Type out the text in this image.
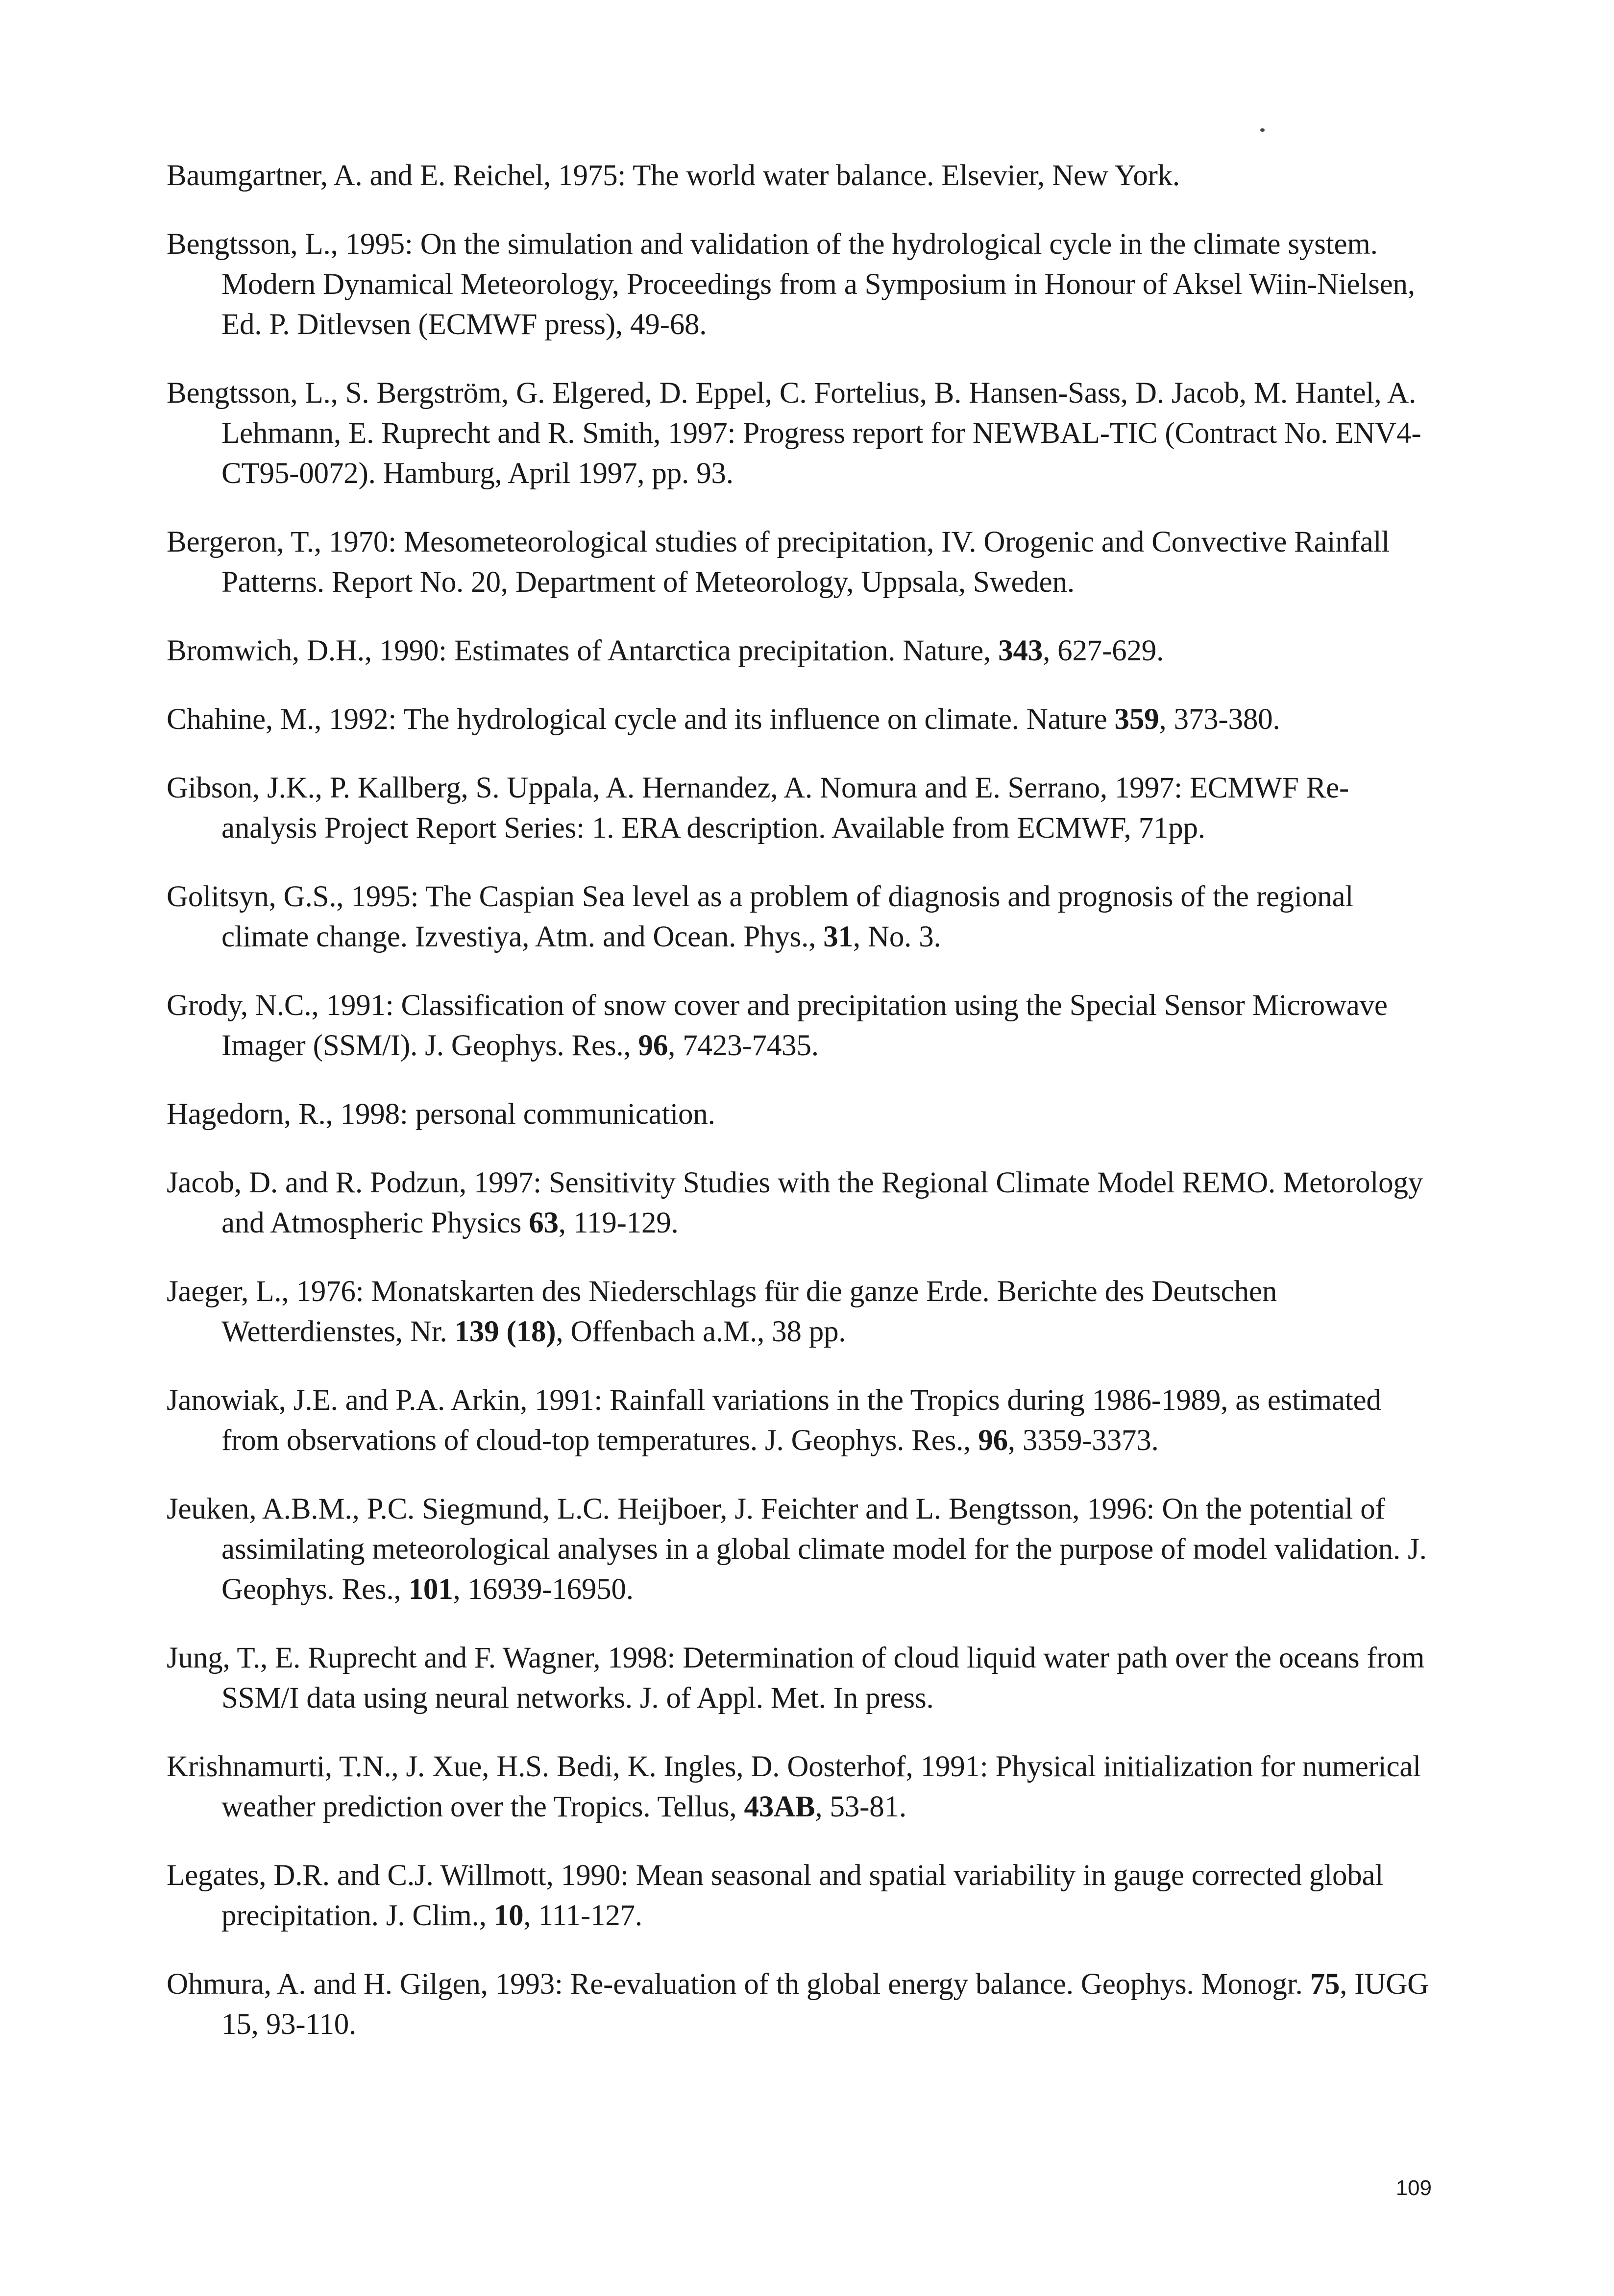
Baumgartner, A. and E. Reichel, 1975: The world water balance. Elsevier, New York.
Bengtsson, L., 1995: On the simulation and validation of the hydrological cycle in the climate system. Modern Dynamical Meteorology, Proceedings from a Symposium in Honour of Aksel Wiin-Nielsen, Ed. P. Ditlevsen (ECMWF press), 49-68.
Bengtsson, L., S. Bergström, G. Elgered, D. Eppel, C. Fortelius, B. Hansen-Sass, D. Jacob, M. Hantel, A. Lehmann, E. Ruprecht and R. Smith, 1997: Progress report for NEWBAL-TIC (Contract No. ENV4-CT95-0072). Hamburg, April 1997, pp. 93.
Bergeron, T., 1970: Mesometeorological studies of precipitation, IV. Orogenic and Convective Rainfall Patterns. Report No. 20, Department of Meteorology, Uppsala, Sweden.
Bromwich, D.H., 1990: Estimates of Antarctica precipitation. Nature, 343, 627-629.
Chahine, M., 1992: The hydrological cycle and its influence on climate. Nature 359, 373-380.
Gibson, J.K., P. Kallberg, S. Uppala, A. Hernandez, A. Nomura and E. Serrano, 1997: ECMWF Re-analysis Project Report Series: 1. ERA description. Available from ECMWF, 71pp.
Golitsyn, G.S., 1995: The Caspian Sea level as a problem of diagnosis and prognosis of the regional climate change. Izvestiya, Atm. and Ocean. Phys., 31, No. 3.
Grody, N.C., 1991: Classification of snow cover and precipitation using the Special Sensor Microwave Imager (SSM/I). J. Geophys. Res., 96, 7423-7435.
Hagedorn, R., 1998: personal communication.
Jacob, D. and R. Podzun, 1997: Sensitivity Studies with the Regional Climate Model REMO. Metorology and Atmospheric Physics 63, 119-129.
Jaeger, L., 1976: Monatskarten des Niederschlags für die ganze Erde. Berichte des Deutschen Wetterdienstes, Nr. 139 (18), Offenbach a.M., 38 pp.
Janowiak, J.E. and P.A. Arkin, 1991: Rainfall variations in the Tropics during 1986-1989, as estimated from observations of cloud-top temperatures. J. Geophys. Res., 96, 3359-3373.
Jeuken, A.B.M., P.C. Siegmund, L.C. Heijboer, J. Feichter and L. Bengtsson, 1996: On the potential of assimilating meteorological analyses in a global climate model for the purpose of model validation. J. Geophys. Res., 101, 16939-16950.
Jung, T., E. Ruprecht and F. Wagner, 1998: Determination of cloud liquid water path over the oceans from SSM/I data using neural networks. J. of Appl. Met. In press.
Krishnamurti, T.N., J. Xue, H.S. Bedi, K. Ingles, D. Oosterhof, 1991: Physical initialization for numerical weather prediction over the Tropics. Tellus, 43AB, 53-81.
Legates, D.R. and C.J. Willmott, 1990: Mean seasonal and spatial variability in gauge corrected global precipitation. J. Clim., 10, 111-127.
Ohmura, A. and H. Gilgen, 1993: Re-evaluation of th global energy balance. Geophys. Monogr. 75, IUGG 15, 93-110.
109
